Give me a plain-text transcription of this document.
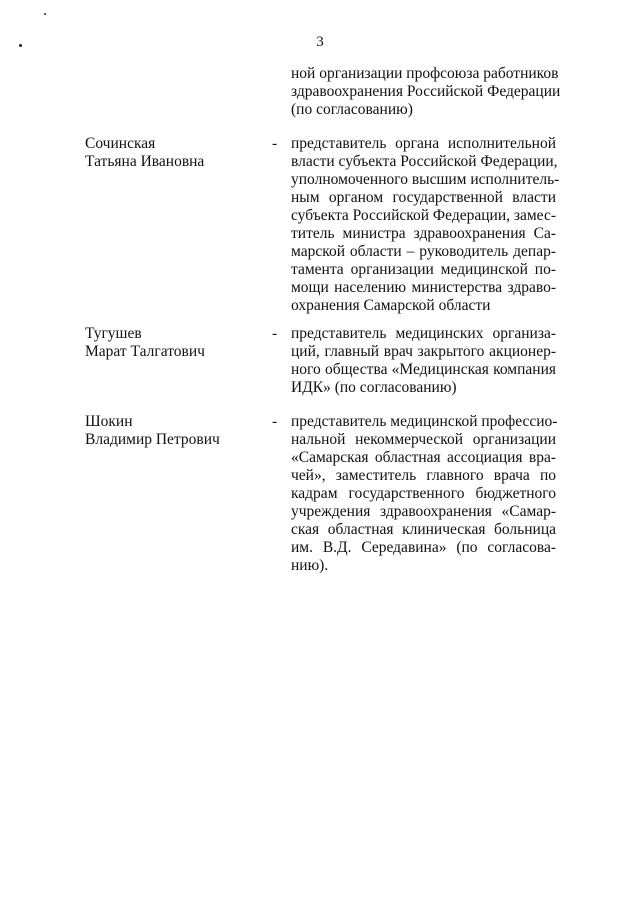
3
ной организации профсоюза работников
здравоохранения Российской Федерации
(по согласованию)
Сочинская
Татьяна Ивановна
- представитель органа исполнительной
власти субъекта Российской Федерации,
уполномоченного высшим исполнитель-
ным органом государственной власти
субъекта Российской Федерации, замес-
титель министра здравоохранения Са-
марской области – руководитель депар-
тамента организации медицинской по-
мощи населению министерства здраво-
охранения Самарской области
Тугушев
Марат Талгатович
- представитель медицинских организа-
ций, главный врач закрытого акционер-
ного общества «Медицинская компания
ИДК» (по согласованию)
Шокин
Владимир Петрович
- представитель медицинской профессио-
нальной некоммерческой организации
«Самарская областная ассоциация вра-
чей», заместитель главного врача по
кадрам государственного бюджетного
учреждения здравоохранения «Самар-
ская областная клиническая больница
им. В.Д. Середавина» (по согласова-
нию).
